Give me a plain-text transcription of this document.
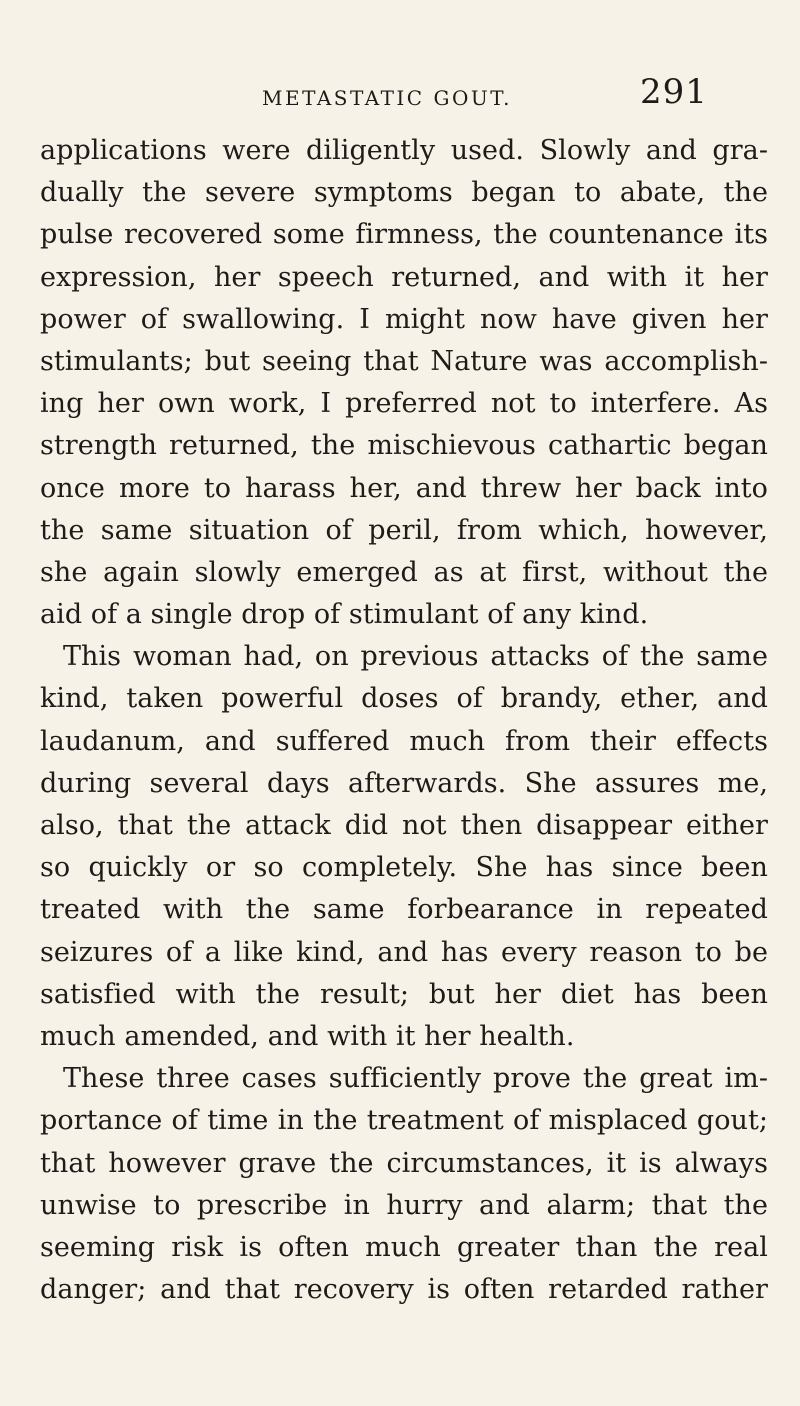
METASTATIC GOUT.	291
applications were diligently used. Slowly and gra-
dually the severe symptoms began to abate, the
pulse recovered some firmness, the countenance its
expression, her speech returned, and with it her
power of swallowing. I might now have given her
stimulants; but seeing that Nature was accomplish-
ing her own work, I preferred not to interfere. As
strength returned, the mischievous cathartic began
once more to harass her, and threw her back into
the same situation of peril, from which, however,
she again slowly emerged as at first, without the
aid of a single drop of stimulant of any kind.
This woman had, on previous attacks of the same
kind, taken powerful doses of brandy, ether, and
laudanum, and suffered much from their effects
during several days afterwards. She assures me,
also, that the attack did not then disappear either
so quickly or so completely. She has since been
treated with the same forbearance in repeated
seizures of a like kind, and has every reason to be
satisfied with the result; but her diet has been
much amended, and with it her health.
These three cases sufficiently prove the great im-
portance of time in the treatment of misplaced gout;
that however grave the circumstances, it is always
unwise to prescribe in hurry and alarm; that the
seeming risk is often much greater than the real
danger; and that recovery is often retarded rather
